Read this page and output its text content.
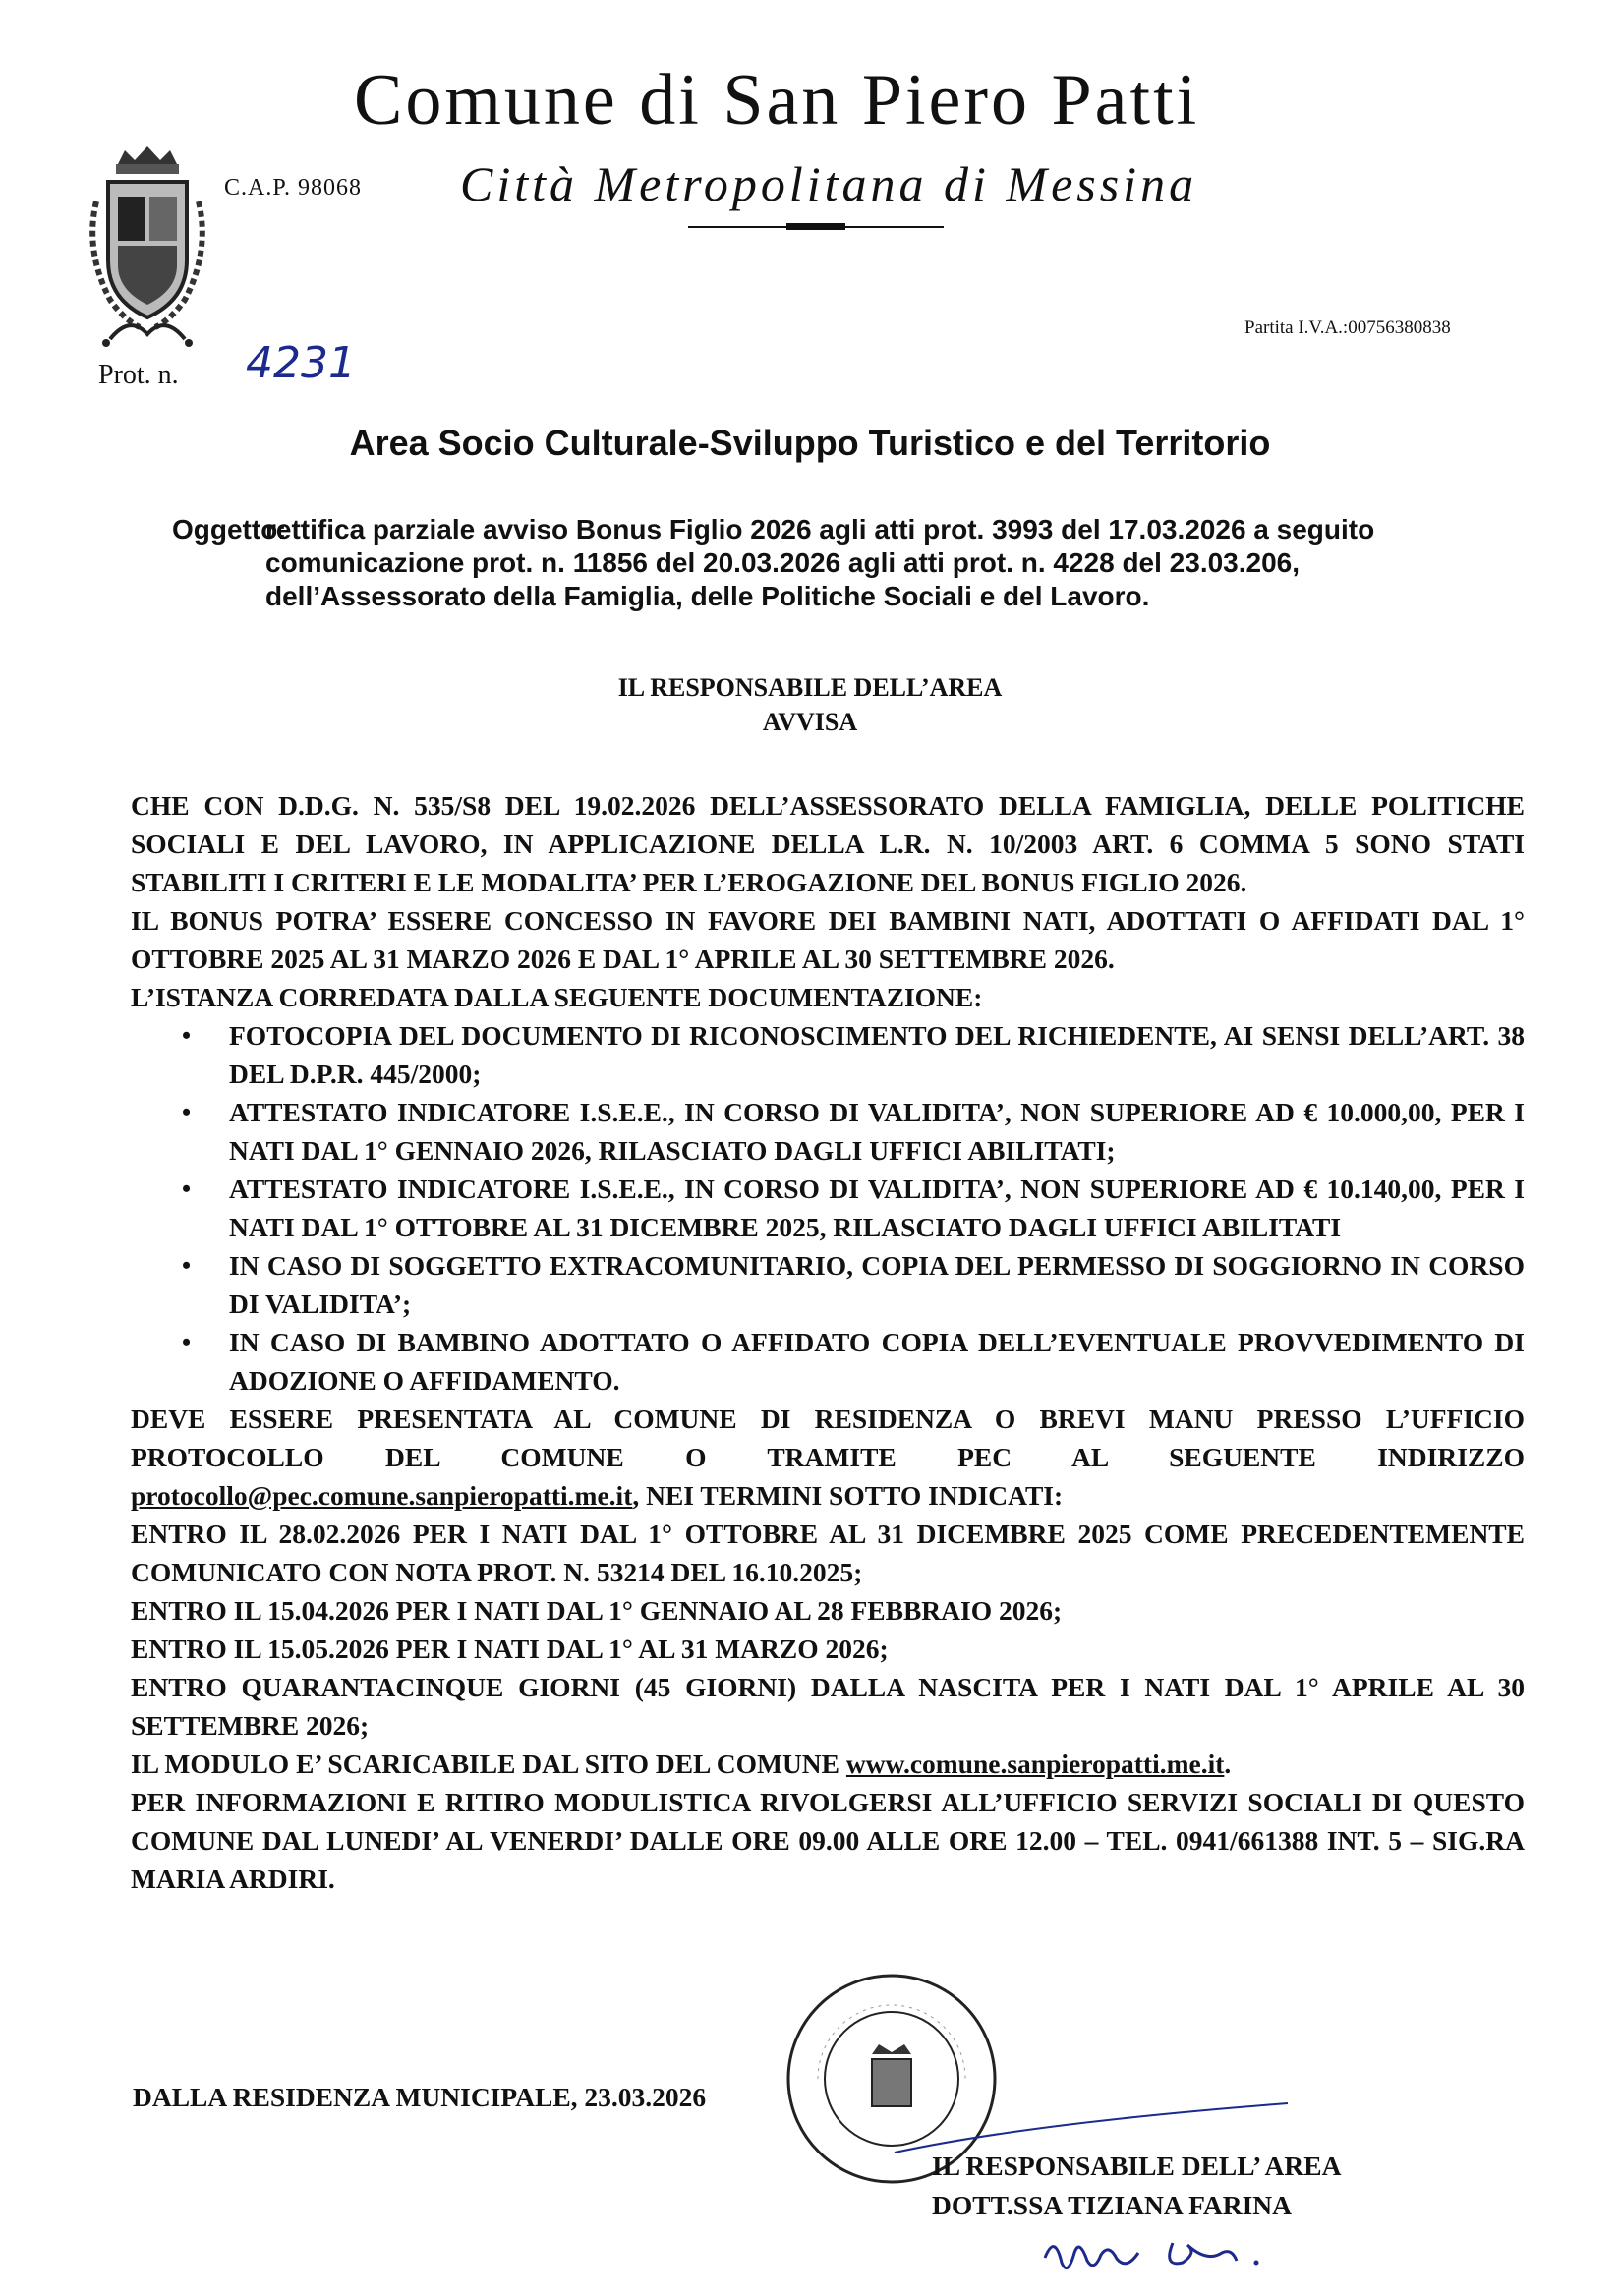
Comune di San Piero Patti
C.A.P. 98068 Città Metropolitana di Messina
Prot. n. 4231
Partita I.V.A.:00756380838
Area Socio Culturale-Sviluppo Turistico e del Territorio
Oggetto:
rettifica parziale avviso Bonus Figlio 2026 agli atti prot. 3993 del 17.03.2026 a seguito comunicazione prot. n. 11856 del 20.03.2026 agli atti prot. n. 4228 del 23.03.206, dell’Assessorato della Famiglia, delle Politiche Sociali e del Lavoro.
IL RESPONSABILE DELL’AREA
AVVISA

CHE CON D.D.G. N. 535/S8 DEL 19.02.2026 DELL’ASSESSORATO DELLA FAMIGLIA, DELLE POLITICHE SOCIALI E DEL LAVORO, IN APPLICAZIONE DELLA L.R. N. 10/2003 ART. 6 COMMA 5 SONO STATI STABILITI I CRITERI E LE MODALITA’ PER L’EROGAZIONE DEL BONUS FIGLIO 2026.

IL BONUS POTRA’ ESSERE CONCESSO IN FAVORE DEI BAMBINI NATI, ADOTTATI O AFFIDATI DAL 1° OTTOBRE 2025 AL 31 MARZO 2026 E DAL 1° APRILE AL 30 SETTEMBRE 2026.

L’ISTANZA CORREDATA DALLA SEGUENTE DOCUMENTAZIONE:

• FOTOCOPIA DEL DOCUMENTO DI RICONOSCIMENTO DEL RICHIEDENTE, AI SENSI DELL’ART. 38 DEL D.P.R. 445/2000;
• ATTESTATO INDICATORE I.S.E.E., IN CORSO DI VALIDITA’, NON SUPERIORE AD € 10.000,00, PER I NATI DAL 1° GENNAIO 2026, RILASCIATO DAGLI UFFICI ABILITATI;
• ATTESTATO INDICATORE I.S.E.E., IN CORSO DI VALIDITA’, NON SUPERIORE AD € 10.140,00, PER I NATI DAL 1° OTTOBRE AL 31 DICEMBRE 2025, RILASCIATO DAGLI UFFICI ABILITATI
• IN CASO DI SOGGETTO EXTRACOMUNITARIO, COPIA DEL PERMESSO DI SOGGIORNO IN CORSO DI VALIDITA’;
• IN CASO DI BAMBINO ADOTTATO O AFFIDATO COPIA DELL’EVENTUALE PROVVEDIMENTO DI ADOZIONE O AFFIDAMENTO.

DEVE ESSERE PRESENTATA AL COMUNE DI RESIDENZA O BREVI MANU PRESSO L’UFFICIO PROTOCOLLO DEL COMUNE O TRAMITE PEC AL SEGUENTE INDIRIZZO protocollo@pec.comune.sanpieropatti.me.it, NEI TERMINI SOTTO INDICATI:

ENTRO IL 28.02.2026 PER I NATI DAL 1° OTTOBRE AL 31 DICEMBRE 2025 COME PRECEDENTEMENTE COMUNICATO CON NOTA PROT. N. 53214 DEL 16.10.2025;

ENTRO IL 15.04.2026 PER I NATI DAL 1° GENNAIO AL 28 FEBBRAIO 2026;

ENTRO IL 15.05.2026 PER I NATI DAL 1° AL 31 MARZO 2026;

ENTRO QUARANTACINQUE GIORNI (45 GIORNI) DALLA NASCITA PER I NATI DAL 1° APRILE AL 30 SETTEMBRE 2026;

IL MODULO E’ SCARICABILE DAL SITO DEL COMUNE www.comune.sanpieropatti.me.it.

PER INFORMAZIONI E RITIRO MODULISTICA RIVOLGERSI ALL’UFFICIO SERVIZI SOCIALI DI QUESTO COMUNE DAL LUNEDI’ AL VENERDI’ DALLE ORE 09.00 ALLE ORE 12.00 – TEL. 0941/661388 INT. 5 – SIG.RA MARIA ARDIRI.

DALLA RESIDENZA MUNICIPALE, 23.03.2026
IL RESPONSABILE DELL’ AREA
DOTT.SSA TIZIANA FARINA
